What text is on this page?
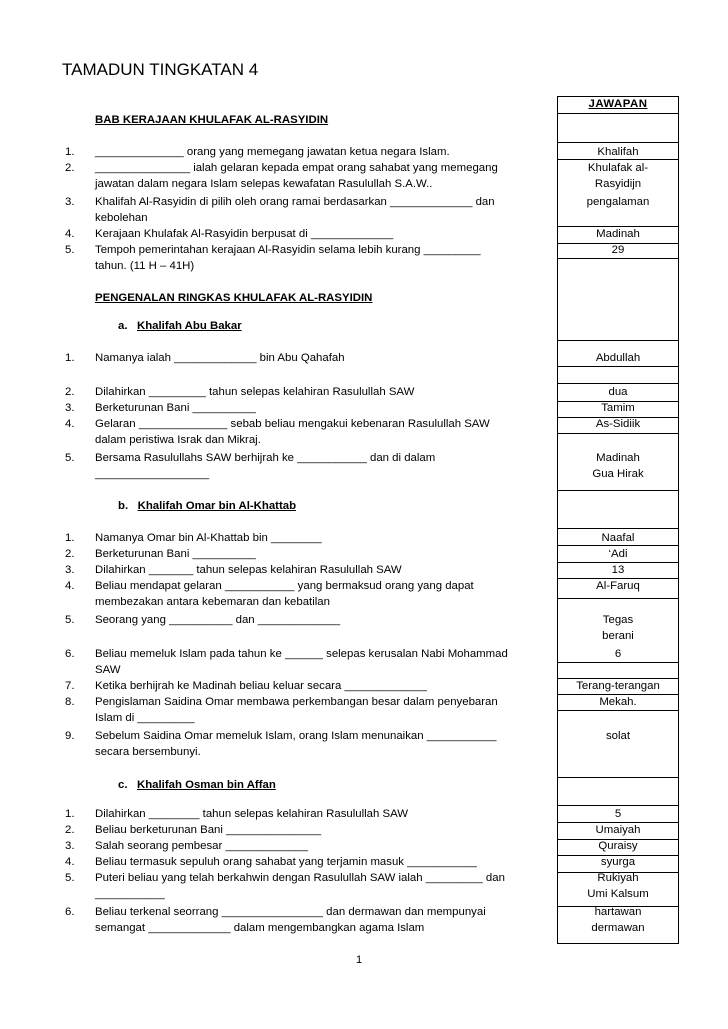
TAMADUN TINGKATAN 4
JAWAPAN
BAB KERAJAAN KHULAFAK AL-RASYIDIN
PENGENALAN RINGKAS KHULAFAK AL-RASYIDIN
a. Khalifah Abu Bakar
b. Khalifah Omar bin Al-Khattab
c. Khalifah Osman bin Affan
1. ______________ orang yang memegang jawatan ketua negara Islam.
2. _______________ ialah gelaran kepada empat orang sahabat yang memegang
jawatan dalam negara Islam selepas kewafatan Rasulullah S.A.W..
3. Khalifah Al-Rasyidin di pilih oleh orang ramai berdasarkan _____________ dan
kebolehan
4. Kerajaan Khulafak Al-Rasyidin berpusat di _____________
5. Tempoh pemerintahan kerajaan Al-Rasyidin selama lebih kurang _________
tahun. (11 H – 41H)
1. Namanya ialah _____________ bin Abu Qahafah
2. Dilahirkan _________ tahun selepas kelahiran Rasulullah SAW
3. Berketurunan Bani __________
4. Gelaran ______________ sebab beliau mengakui kebenaran Rasulullah SAW
dalam peristiwa Israk dan Mikraj.
5. Bersama Rasulullahs SAW berhijrah ke ___________ dan di dalam
__________________
1. Namanya Omar bin Al-Khattab bin ________
2. Berketurunan Bani __________
3. Dilahirkan _______ tahun selepas kelahiran Rasulullah SAW
4. Beliau mendapat gelaran ___________ yang bermaksud orang yang dapat
membezakan antara kebemaran dan kebatilan
5. Seorang yang __________ dan _____________
6. Beliau memeluk Islam pada tahun ke ______ selepas kerusalan Nabi Mohammad
SAW
7. Ketika berhijrah ke Madinah beliau keluar secara _____________
8. Pengislaman Saidina Omar membawa perkembangan besar dalam penyebaran
Islam di _________
9. Sebelum Saidina Omar memeluk Islam, orang Islam menunaikan ___________
secara bersembunyi.
1. Dilahirkan ________ tahun selepas kelahiran Rasulullah SAW
2. Beliau berketurunan Bani _______________
3. Salah seorang pembesar _____________
4. Beliau termasuk sepuluh orang sahabat yang terjamin masuk ___________
5. Puteri beliau yang telah berkahwin dengan Rasulullah SAW ialah _________ dan
___________
6. Beliau terkenal seorrang ________________ dan dermawan dan mempunyai
semangat _____________ dalam mengembangkan agama Islam
Khalifah
Khulafak al-
Rasyidijn
pengalaman
Madinah
29
Abdullah
dua
Tamim
As-Sidiik
Madinah
Gua Hirak
Naafal
‘Adi
13
Al-Faruq
Tegas
berani
6
Terang-terangan
Mekah.
solat
5
Umaiyah
Quraisy
syurga
Rukiyah
Umi Kalsum
hartawan
dermawan
1
